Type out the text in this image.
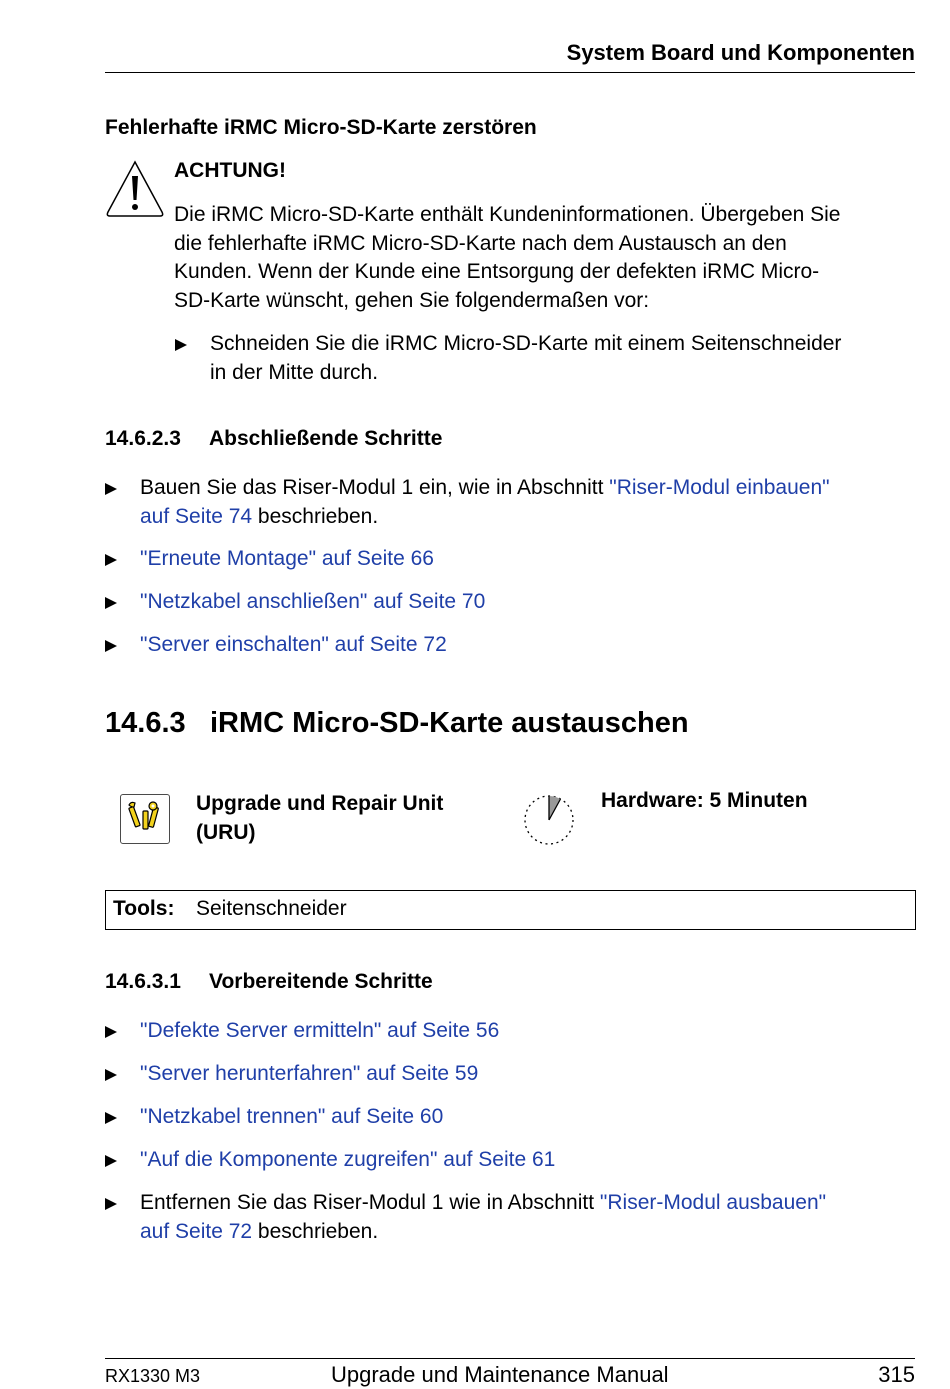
System Board und Komponenten
Fehlerhafte iRMC Micro-SD-Karte zerstören
ACHTUNG!
Die iRMC Micro-SD-Karte enthält Kundeninformationen. Übergeben Sie
die fehlerhafte iRMC Micro-SD-Karte nach dem Austausch an den
Kunden. Wenn der Kunde eine Entsorgung der defekten iRMC Micro-
SD-Karte wünscht, gehen Sie folgendermaßen vor:
Schneiden Sie die iRMC Micro-SD-Karte mit einem Seitenschneider
in der Mitte durch.
14.6.2.3 Abschließende Schritte
Bauen Sie das Riser-Modul 1 ein, wie in Abschnitt "Riser-Modul einbauen"
auf Seite 74 beschrieben.
"Erneute Montage" auf Seite 66
"Netzkabel anschließen" auf Seite 70
"Server einschalten" auf Seite 72
14.6.3 iRMC Micro-SD-Karte austauschen
Upgrade und Repair Unit
(URU)
Hardware: 5 Minuten
Tools: Seitenschneider
14.6.3.1 Vorbereitende Schritte
"Defekte Server ermitteln" auf Seite 56
"Server herunterfahren" auf Seite 59
"Netzkabel trennen" auf Seite 60
"Auf die Komponente zugreifen" auf Seite 61
Entfernen Sie das Riser-Modul 1 wie in Abschnitt "Riser-Modul ausbauen"
auf Seite 72 beschrieben.
RX1330 M3	Upgrade und Maintenance Manual	315
